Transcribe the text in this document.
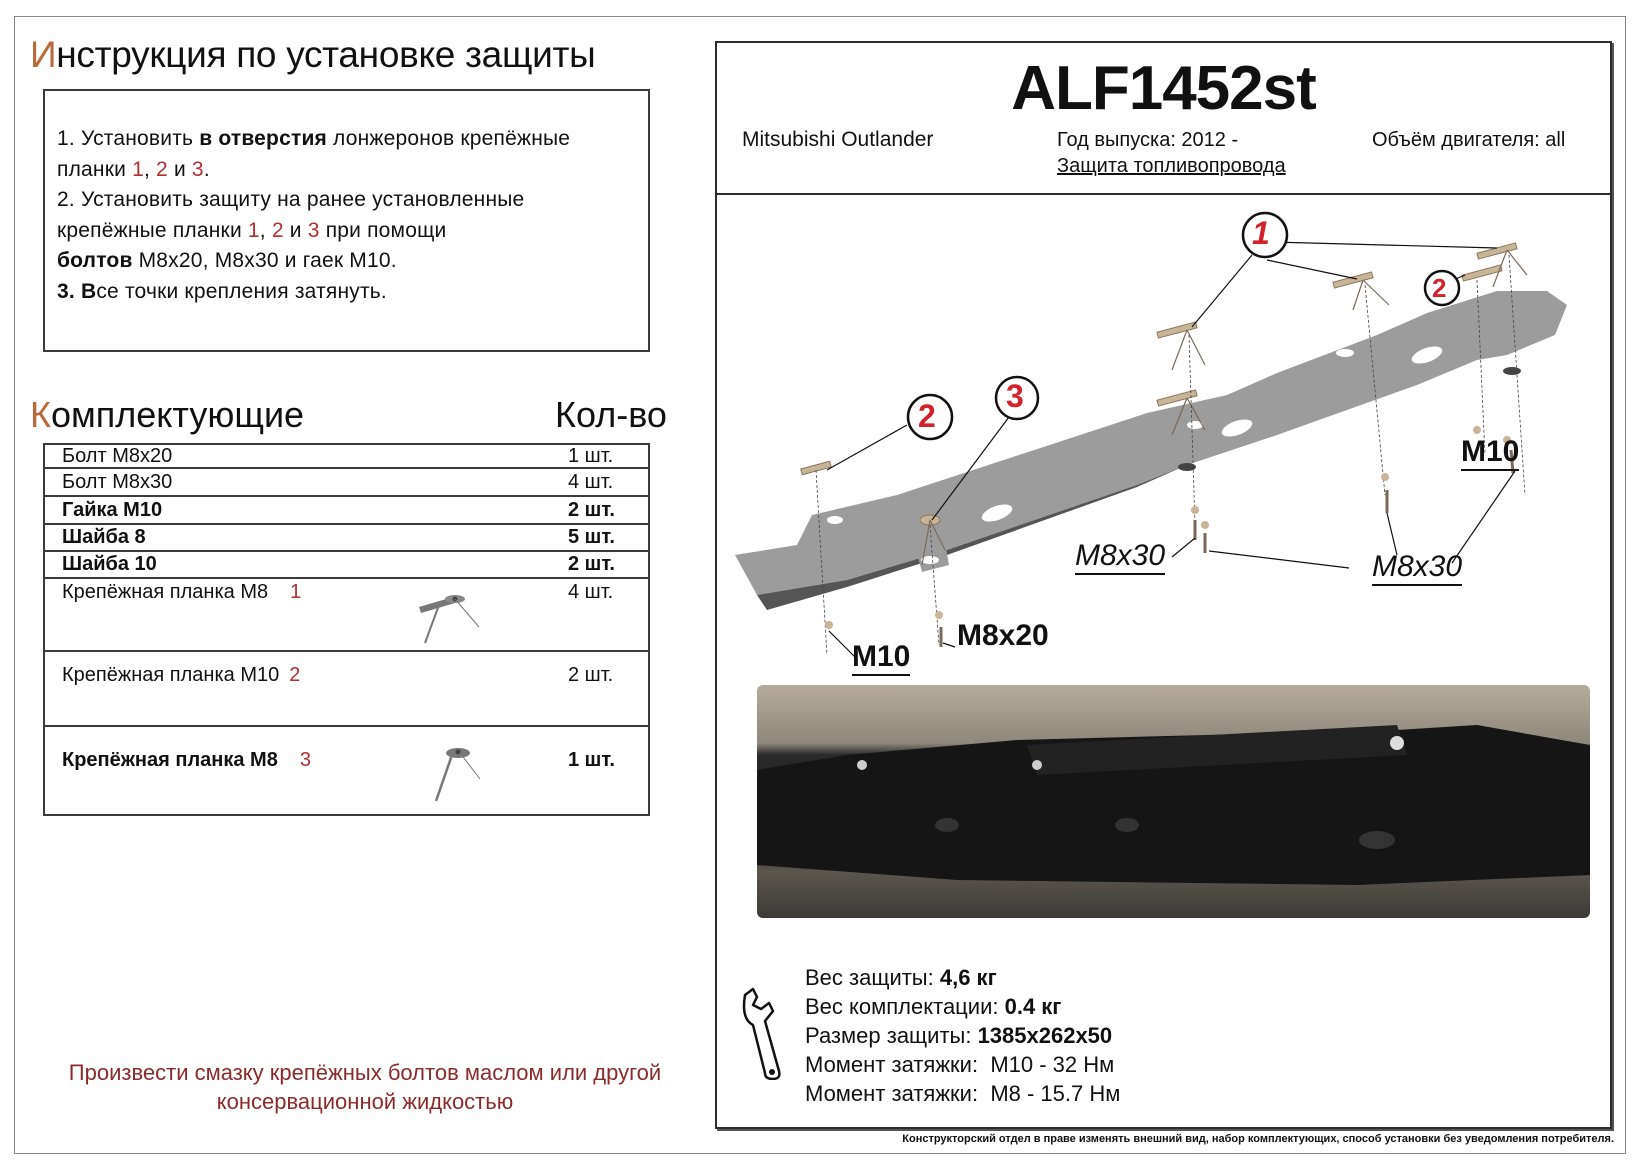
Инструкция по установке защиты

1. Установить в отверстия лонжеронов крепёжные

планки 1, 2 и 3.

2. Установить защиту на ранее установленные

крепёжные планки 1, 2 и 3 при помощи

болтов М8х20, М8х30 и гаек М10.

3. Все точки крепления затянуть.

Комплектующие	Кол-во
Болт М8х20	1 шт.
Болт М8х30	4 шт.
Гайка М10	2 шт.
Шайба 8	5 шт.
Шайба 10	2 шт.
Крепёжная планка М8 1	4 шт.
Крепёжная планка М10 2	2 шт.
Крепёжная планка М8 3	1 шт.
Произвести смазку крепёжных болтов маслом или другой
консервационной жидкостью
ALF1452st
Mitsubishi Outlander	Год выпуска: 2012 -
Защита топливопровода
Объём двигателя: all
1
2
2
3
М10
М8х30	М8х30
М10
M8x20
Вес защиты: 4,6 кг
Вес комплектации: 0.4 кг
Размер защиты: 1385x262x50
Момент затяжки:  М10 - 32 Нм
Момент затяжки:  М8 - 15.7 Нм
Конструкторский отдел в праве изменять внешний вид, набор комплектующих, способ установки без уведомления потребителя.
